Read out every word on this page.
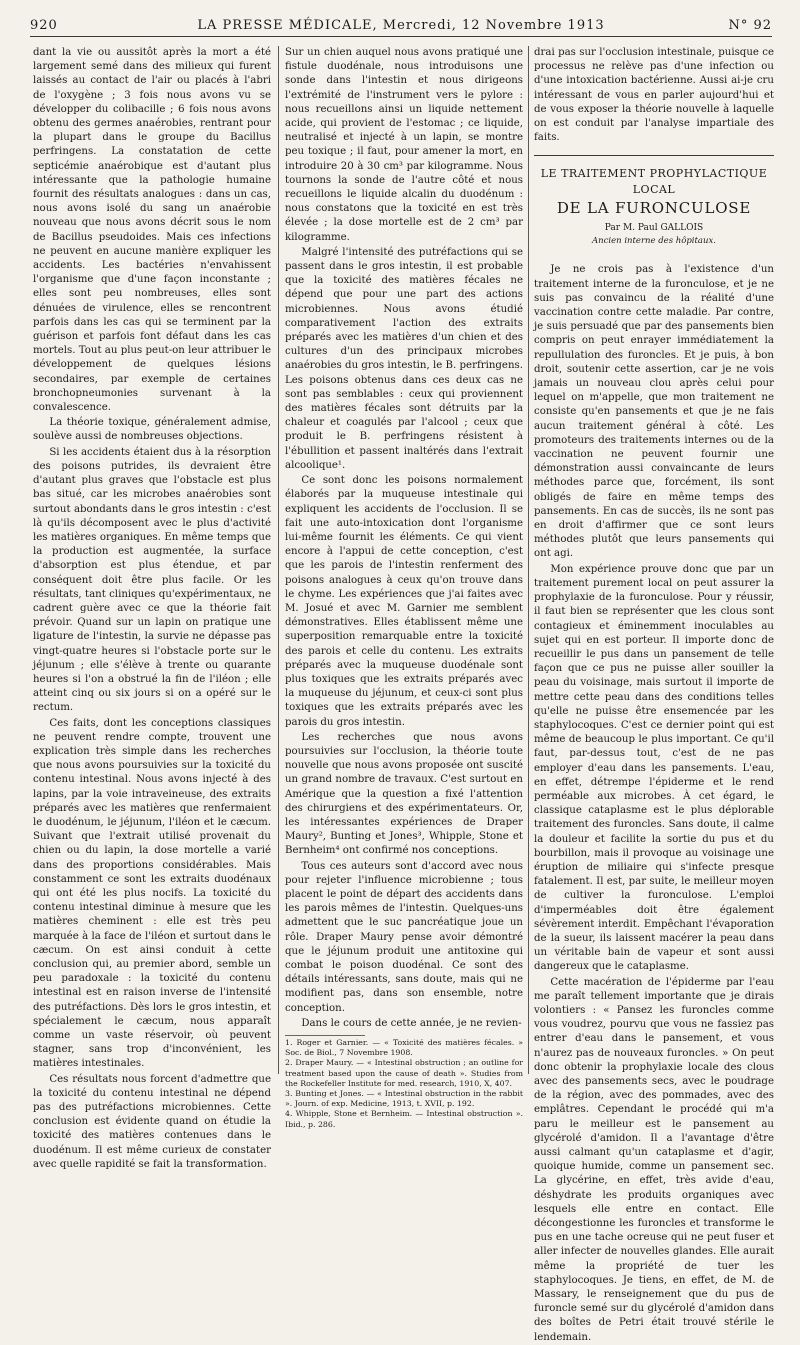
920	LA PRESSE MÉDICALE, Mercredi, 12 Novembre 1913	N° 92

dant la vie ou aussitôt après la mort a été largement semé dans des milieux qui furent laissés au contact de l'air ou placés à l'abri de l'oxygène ; 3 fois nous avons vu se développer du colibacille ; 6 fois nous avons obtenu des germes anaérobies, rentrant pour la plupart dans le groupe du Bacillus perfringens. La constatation de cette septicémie anaérobique est d'autant plus intéressante que la pathologie humaine fournit des résultats analogues : dans un cas, nous avons isolé du sang un anaérobie nouveau que nous avons décrit sous le nom de Bacillus pseudoides. Mais ces infections ne peuvent en aucune manière expliquer les accidents. Les bactéries n'envahissent l'organisme que d'une façon inconstante ; elles sont peu nombreuses, elles sont dénuées de virulence, elles se rencontrent parfois dans les cas qui se terminent par la guérison et parfois font défaut dans les cas mortels. Tout au plus peut-on leur attribuer le développement de quelques lésions secondaires, par exemple de certaines bronchopneumonies survenant à la convalescence.

La théorie toxique, généralement admise, soulève aussi de nombreuses objections.

Si les accidents étaient dus à la résorption des poisons putrides, ils devraient être d'autant plus graves que l'obstacle est plus bas situé, car les microbes anaérobies sont surtout abondants dans le gros intestin : c'est là qu'ils décomposent avec le plus d'activité les matières organiques. En même temps que la production est augmentée, la surface d'absorption est plus étendue, et par conséquent doit être plus facile. Or les résultats, tant cliniques qu'expérimentaux, ne cadrent guère avec ce que la théorie fait prévoir. Quand sur un lapin on pratique une ligature de l'intestin, la survie ne dépasse pas vingt-quatre heures si l'obstacle porte sur le jéjunum ; elle s'élève à trente ou quarante heures si l'on a obstrué la fin de l'iléon ; elle atteint cinq ou six jours si on a opéré sur le rectum.

Ces faits, dont les conceptions classiques ne peuvent rendre compte, trouvent une explication très simple dans les recherches que nous avons poursuivies sur la toxicité du contenu intestinal. Nous avons injecté à des lapins, par la voie intraveineuse, des extraits préparés avec les matières que renfermaient le duodénum, le jéjunum, l'iléon et le cæcum. Suivant que l'extrait utilisé provenait du chien ou du lapin, la dose mortelle a varié dans des proportions considérables. Mais constamment ce sont les extraits duodénaux qui ont été les plus nocifs. La toxicité du contenu intestinal diminue à mesure que les matières cheminent : elle est très peu marquée à la face de l'iléon et surtout dans le cæcum. On est ainsi conduit à cette conclusion qui, au premier abord, semble un peu paradoxale : la toxicité du contenu intestinal est en raison inverse de l'intensité des putréfactions. Dès lors le gros intestin, et spécialement le cæcum, nous apparaît comme un vaste réservoir, où peuvent stagner, sans trop d'inconvénient, les matières intestinales.

Ces résultats nous forcent d'admettre que la toxicité du contenu intestinal ne dépend pas des putréfactions microbiennes. Cette conclusion est évidente quand on étudie la toxicité des matières contenues dans le duodénum. Il est même curieux de constater avec quelle rapidité se fait la transformation.

Sur un chien auquel nous avons pratiqué une fistule duodénale, nous introduisons une sonde dans l'intestin et nous dirigeons l'extrémité de l'instrument vers le pylore : nous recueillons ainsi un liquide nettement acide, qui provient de l'estomac ; ce liquide, neutralisé et injecté à un lapin, se montre peu toxique ; il faut, pour amener la mort, en introduire 20 à 30 cm³ par kilogramme. Nous tournons la sonde de l'autre côté et nous recueillons le liquide alcalin du duodénum : nous constatons que la toxicité en est très élevée ; la dose mortelle est de 2 cm³ par kilogramme.

Malgré l'intensité des putréfactions qui se passent dans le gros intestin, il est probable que la toxicité des matières fécales ne dépend que pour une part des actions microbiennes. Nous avons étudié comparativement l'action des extraits préparés avec les matières d'un chien et des cultures d'un des principaux microbes anaérobies du gros intestin, le B. perfringens. Les poisons obtenus dans ces deux cas ne sont pas semblables : ceux qui proviennent des matières fécales sont détruits par la chaleur et coagulés par l'alcool ; ceux que produit le B. perfringens résistent à l'ébullition et passent inaltérés dans l'extrait alcoolique¹.

Ce sont donc les poisons normalement élaborés par la muqueuse intestinale qui expliquent les accidents de l'occlusion. Il se fait une auto-intoxication dont l'organisme lui-même fournit les éléments. Ce qui vient encore à l'appui de cette conception, c'est que les parois de l'intestin renferment des poisons analogues à ceux qu'on trouve dans le chyme. Les expériences que j'ai faites avec M. Josué et avec M. Garnier me semblent démonstratives. Elles établissent même une superposition remarquable entre la toxicité des parois et celle du contenu. Les extraits préparés avec la muqueuse duodénale sont plus toxiques que les extraits préparés avec la muqueuse du jéjunum, et ceux-ci sont plus toxiques que les extraits préparés avec les parois du gros intestin.

Les recherches que nous avons poursuivies sur l'occlusion, la théorie toute nouvelle que nous avons proposée ont suscité un grand nombre de travaux. C'est surtout en Amérique que la question a fixé l'attention des chirurgiens et des expérimentateurs. Or, les intéressantes expériences de Draper Maury², Bunting et Jones³, Whipple, Stone et Bernheim⁴ ont confirmé nos conceptions.

Tous ces auteurs sont d'accord avec nous pour rejeter l'influence microbienne ; tous placent le point de départ des accidents dans les parois mêmes de l'intestin. Quelques-uns admettent que le suc pancréatique joue un rôle. Draper Maury pense avoir démontré que le jéjunum produit une antitoxine qui combat le poison duodénal. Ce sont des détails intéressants, sans doute, mais qui ne modifient pas, dans son ensemble, notre conception.

Dans le cours de cette année, je ne revien-

1. Roger et Garnier. — « Toxicité des matières fécales. » Soc. de Biol., 7 Novembre 1908.
2. Draper Maury. — « Intestinal obstruction ; an outline for treatment based upon the cause of death ». Studies from the Rockefeller Institute for med. research, 1910, X, 407.
3. Bunting et Jones. — « Intestinal obstruction in the rabbit ». Journ. of exp. Medicine, 1913, t. XVII, p. 192.
4. Whipple, Stone et Bernheim. — Intestinal obstruction ». Ibid., p. 286.

drai pas sur l'occlusion intestinale, puisque ce processus ne relève pas d'une infection ou d'une intoxication bactérienne. Aussi ai-je cru intéressant de vous en parler aujourd'hui et de vous exposer la théorie nouvelle à laquelle on est conduit par l'analyse impartiale des faits.

LE TRAITEMENT PROPHYLACTIQUE LOCAL
DE LA FURONCULOSE
Par M. Paul GALLOIS
Ancien interne des hôpitaux.

Je ne crois pas à l'existence d'un traitement interne de la furonculose, et je ne suis pas convaincu de la réalité d'une vaccination contre cette maladie. Par contre, je suis persuadé que par des pansements bien compris on peut enrayer immédiatement la repullulation des furoncles. Et je puis, à bon droit, soutenir cette assertion, car je ne vois jamais un nouveau clou après celui pour lequel on m'appelle, que mon traitement ne consiste qu'en pansements et que je ne fais aucun traitement général à côté. Les promoteurs des traitements internes ou de la vaccination ne peuvent fournir une démonstration aussi convaincante de leurs méthodes parce que, forcément, ils sont obligés de faire en même temps des pansements. En cas de succès, ils ne sont pas en droit d'affirmer que ce sont leurs méthodes plutôt que leurs pansements qui ont agi.

Mon expérience prouve donc que par un traitement purement local on peut assurer la prophylaxie de la furonculose. Pour y réussir, il faut bien se représenter que les clous sont contagieux et éminemment inoculables au sujet qui en est porteur. Il importe donc de recueillir le pus dans un pansement de telle façon que ce pus ne puisse aller souiller la peau du voisinage, mais surtout il importe de mettre cette peau dans des conditions telles qu'elle ne puisse être ensemencée par les staphylocoques. C'est ce dernier point qui est même de beaucoup le plus important. Ce qu'il faut, par-dessus tout, c'est de ne pas employer d'eau dans les pansements. L'eau, en effet, détrempe l'épiderme et le rend perméable aux microbes. À cet égard, le classique cataplasme est le plus déplorable traitement des furoncles. Sans doute, il calme la douleur et facilite la sortie du pus et du bourbillon, mais il provoque au voisinage une éruption de miliaire qui s'infecte presque fatalement. Il est, par suite, le meilleur moyen de cultiver la furonculose. L'emploi d'imperméables doit être également sévèrement interdit. Empêchant l'évaporation de la sueur, ils laissent macérer la peau dans un véritable bain de vapeur et sont aussi dangereux que le cataplasme.

Cette macération de l'épiderme par l'eau me paraît tellement importante que je dirais volontiers : « Pansez les furoncles comme vous voudrez, pourvu que vous ne fassiez pas entrer d'eau dans le pansement, et vous n'aurez pas de nouveaux furoncles. » On peut donc obtenir la prophylaxie locale des clous avec des pansements secs, avec le poudrage de la région, avec des pommades, avec des emplâtres. Cependant le procédé qui m'a paru le meilleur est le pansement au glycérolé d'amidon. Il a l'avantage d'être aussi calmant qu'un cataplasme et d'agir, quoique humide, comme un pansement sec. La glycérine, en effet, très avide d'eau, déshydrate les produits organiques avec lesquels elle entre en contact. Elle décongestionne les furoncles et transforme le pus en une tache ocreuse qui ne peut fuser et aller infecter de nouvelles glandes. Elle aurait même la propriété de tuer les staphylocoques. Je tiens, en effet, de M. de Massary, le renseignement que du pus de furoncle semé sur du glycérolé d'amidon dans des boîtes de Petri était trouvé stérile le lendemain.
